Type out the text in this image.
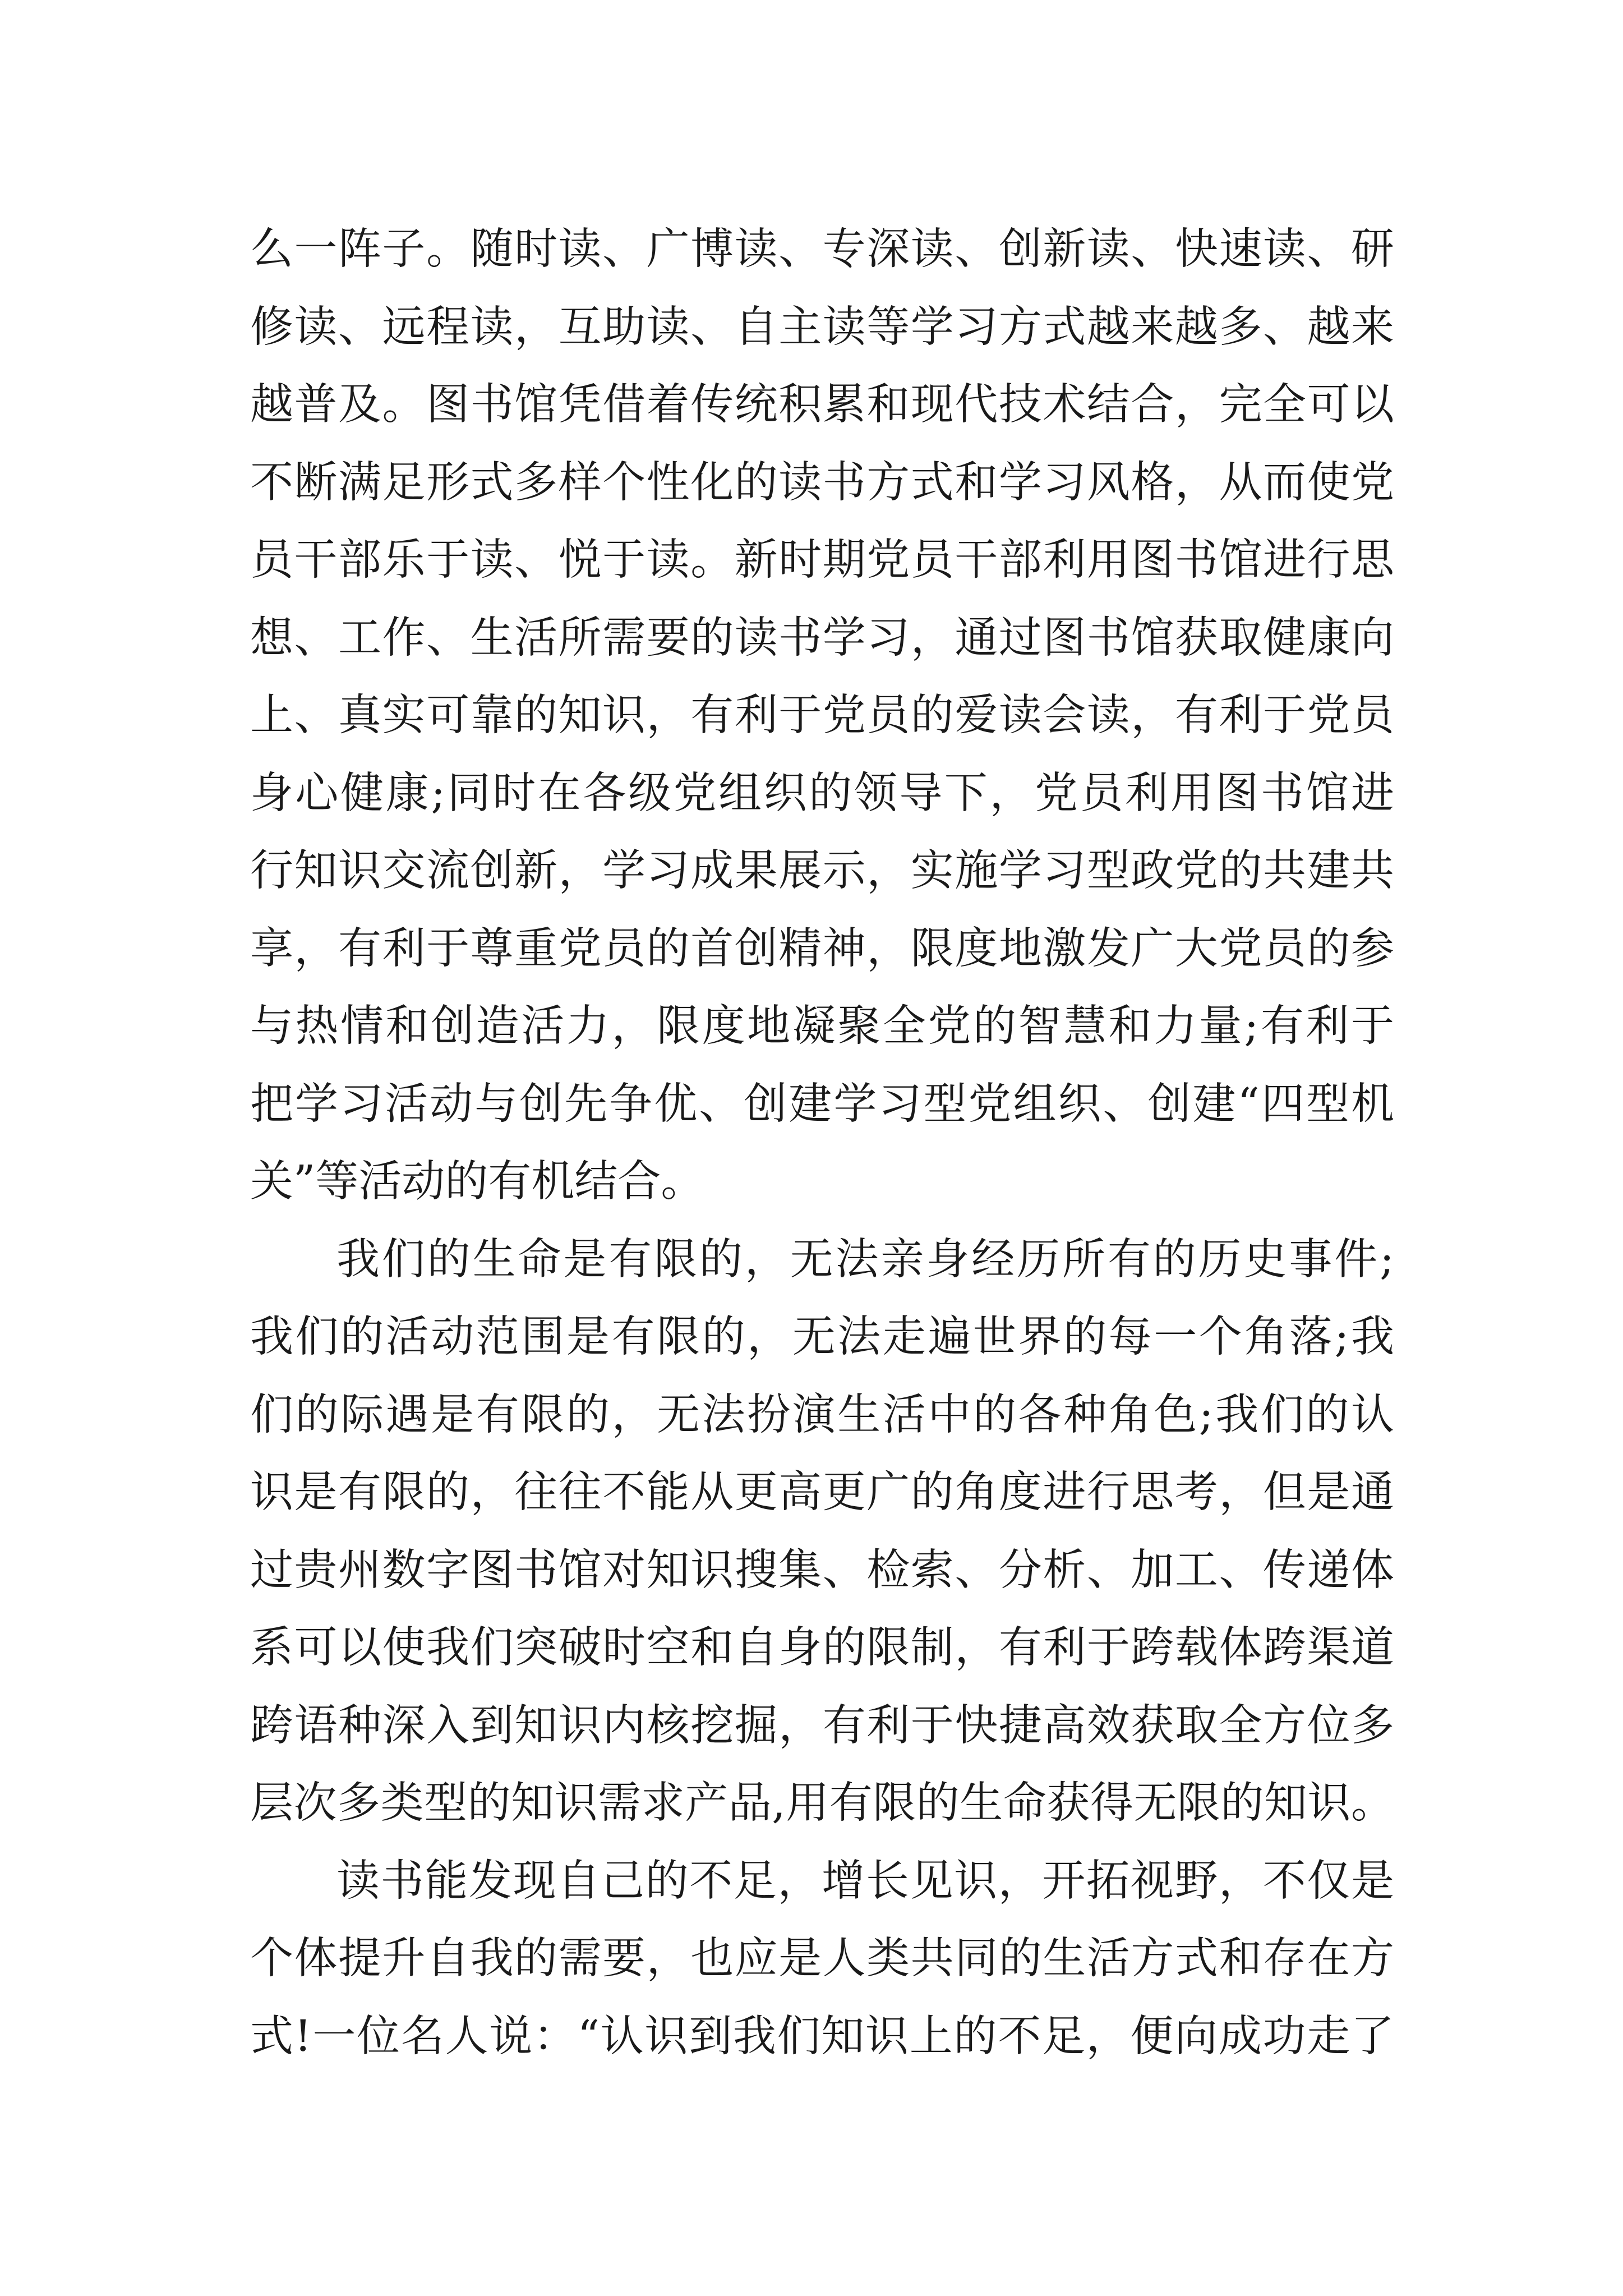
么一阵子。随时读、广博读、专深读、创新读、快速读、研
修读、远程读，互助读、自主读等学习方式越来越多、越来
越普及。图书馆凭借着传统积累和现代技术结合，完全可以
不断满足形式多样个性化的读书方式和学习风格，从而使党
员干部乐于读、悦于读。新时期党员干部利用图书馆进行思
想、工作、生活所需要的读书学习，通过图书馆获取健康向
上、真实可靠的知识，有利于党员的爱读会读，有利于党员
身心健康;同时在各级党组织的领导下，党员利用图书馆进
行知识交流创新，学习成果展示，实施学习型政党的共建共
享，有利于尊重党员的首创精神，限度地激发广大党员的参
与热情和创造活力，限度地凝聚全党的智慧和力量;有利于
把学习活动与创先争优、创建学习型党组织、创建“四型机
关”等活动的有机结合。
我们的生命是有限的，无法亲身经历所有的历史事件;
我们的活动范围是有限的，无法走遍世界的每一个角落;我
们的际遇是有限的，无法扮演生活中的各种角色;我们的认
识是有限的，往往不能从更高更广的角度进行思考，但是通
过贵州数字图书馆对知识搜集、检索、分析、加工、传递体
系可以使我们突破时空和自身的限制，有利于跨载体跨渠道
跨语种深入到知识内核挖掘，有利于快捷高效获取全方位多
层次多类型的知识需求产品,用有限的生命获得无限的知识。
读书能发现自己的不足，增长见识，开拓视野，不仅是
个体提升自我的需要，也应是人类共同的生活方式和存在方
式!一位名人说：“认识到我们知识上的不足，便向成功走了
